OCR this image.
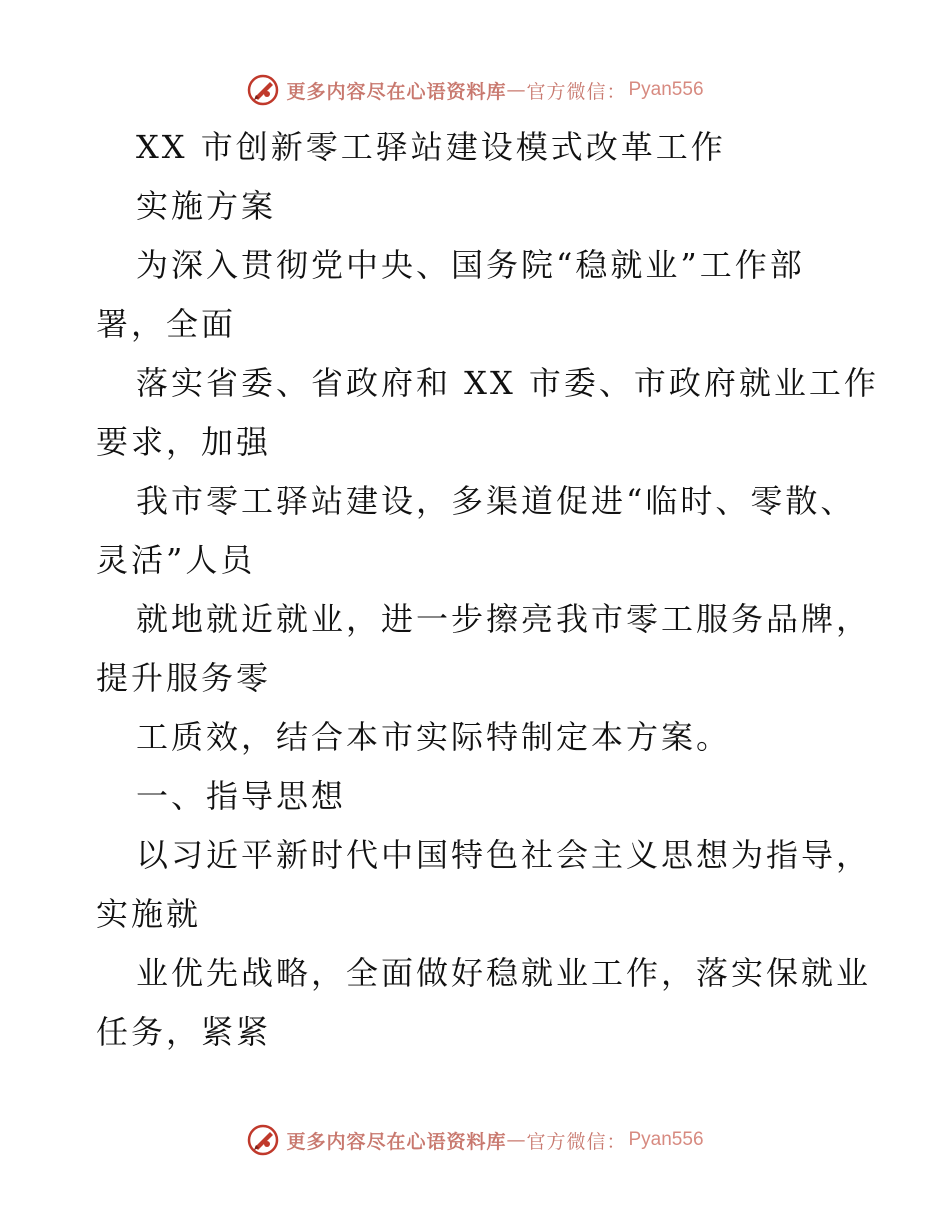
更多内容尽在心语资料库 — 官方微信： Pyan556
XX 市创新零工驿站建设模式改革工作
实施方案
为深入贯彻党中央、国务院“稳就业”工作部
署，全面
落实省委、省政府和 XX 市委、市政府就业工作
要求，加强
我市零工驿站建设，多渠道促进“临时、零散、
灵活”人员
就地就近就业，进一步擦亮我市零工服务品牌，
提升服务零
工质效，结合本市实际特制定本方案。
一、指导思想
以习近平新时代中国特色社会主义思想为指导，
实施就
业优先战略，全面做好稳就业工作，落实保就业
任务，紧紧
更多内容尽在心语资料库 — 官方微信： Pyan556
